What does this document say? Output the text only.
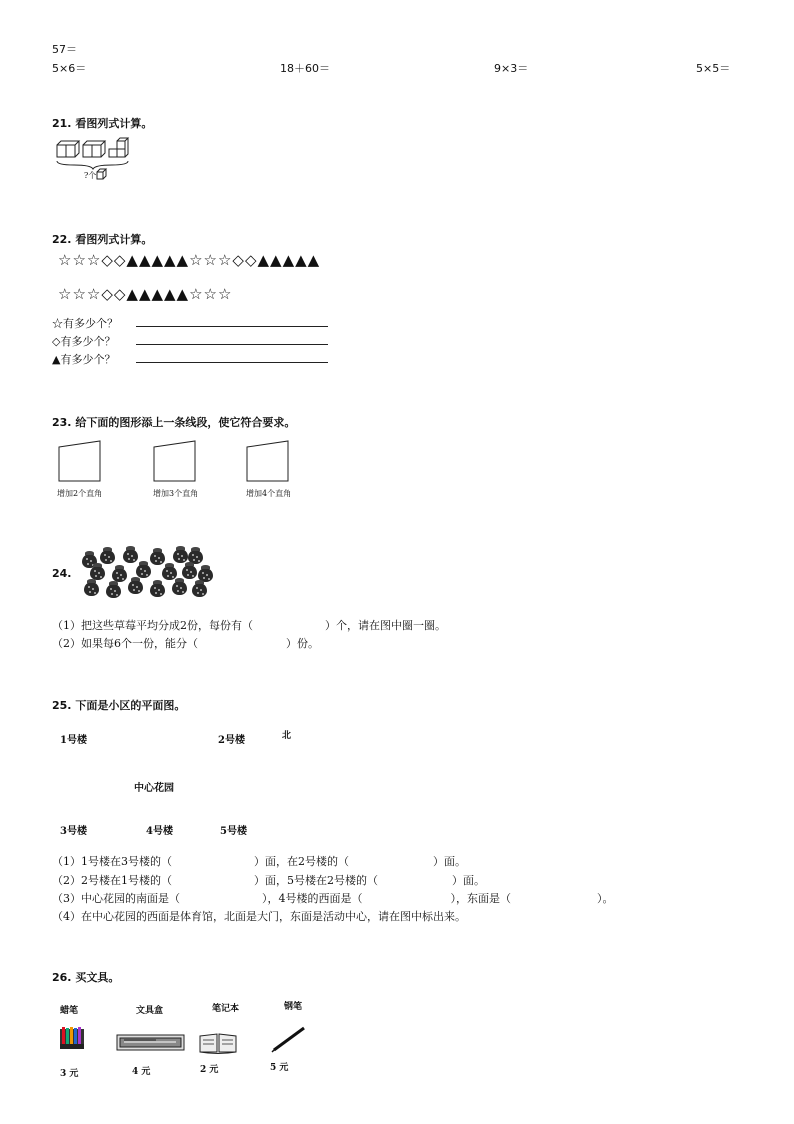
57＝
5×6＝	18＋60＝	9×3＝	5×5＝
21. 看图列式计算。
?个
22. 看图列式计算。
☆☆☆◇◇▲▲▲▲▲☆☆☆◇◇▲▲▲▲▲
☆☆☆◇◇▲▲▲▲▲☆☆☆
☆有多少个？
◇有多少个？
▲有多少个？
23. 给下面的图形添上一条线段，使它符合要求。
增加2个直角	增加3个直角	增加4个直角
24.
（1）把这些草莓平均分成2份，每份有（	）个，请在图中圈一圈。
（2）如果每6个一份，能分（	）份。
25. 下面是小区的平面图。
1号楼	2号楼	北
中心花园
3号楼	4号楼	5号楼
（1）1号楼在3号楼的（	）面，在2号楼的（	）面。
（2）2号楼在1号楼的（	）面，5号楼在2号楼的（	）面。
（3）中心花园的南面是（	），4号楼的西面是（	），东面是（	）。
（4）在中心花园的西面是体育馆，北面是大门，东面是活动中心，请在图中标出来。
26. 买文具。
蜡笔	文具盒	笔记本	钢笔
3 元	4 元	2 元	5 元
